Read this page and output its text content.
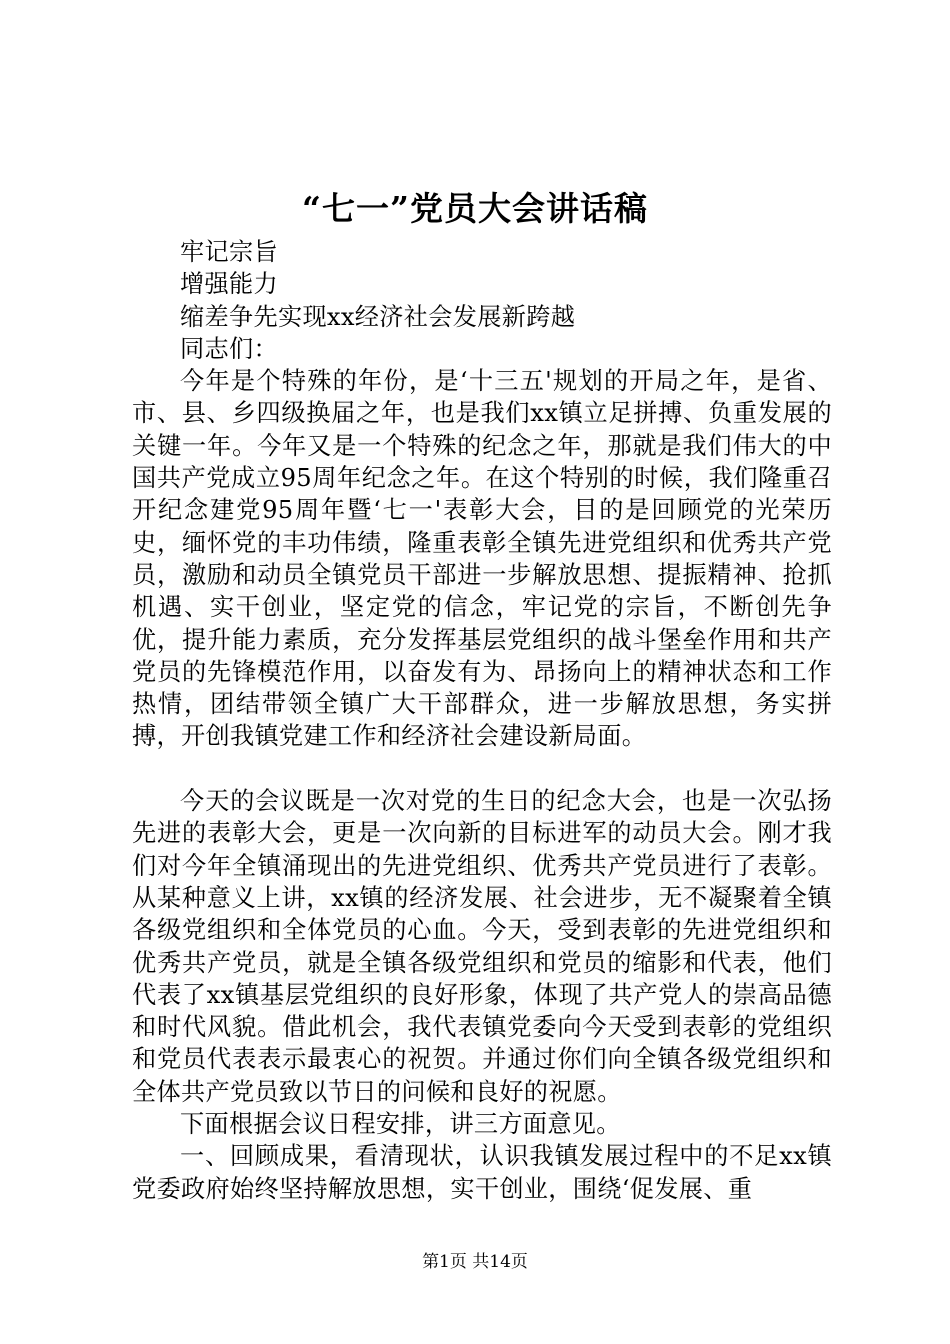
“七一”党员大会讲话稿

牢记宗旨

增强能力

缩差争先实现xx经济社会发展新跨越

同志们：

今年是个特殊的年份，是‘十三五'规划的开局之年，是省、市、县、乡四级换届之年，也是我们xx镇立足拼搏、负重发展的关键一年。今年又是一个特殊的纪念之年，那就是我们伟大的中国共产党成立95周年纪念之年。在这个特别的时候，我们隆重召开纪念建党95周年暨‘七一'表彰大会，目的是回顾党的光荣历史，缅怀党的丰功伟绩，隆重表彰全镇先进党组织和优秀共产党员，激励和动员全镇党员干部进一步解放思想、提振精神、抢抓机遇、实干创业，坚定党的信念，牢记党的宗旨，不断创先争优，提升能力素质，充分发挥基层党组织的战斗堡垒作用和共产党员的先锋模范作用，以奋发有为、昂扬向上的精神状态和工作热情，团结带领全镇广大干部群众，进一步解放思想，务实拼搏，开创我镇党建工作和经济社会建设新局面。

今天的会议既是一次对党的生日的纪念大会，也是一次弘扬先进的表彰大会，更是一次向新的目标进军的动员大会。刚才我们对今年全镇涌现出的先进党组织、优秀共产党员进行了表彰。从某种意义上讲，xx镇的经济发展、社会进步，无不凝聚着全镇各级党组织和全体党员的心血。今天，受到表彰的先进党组织和优秀共产党员，就是全镇各级党组织和党员的缩影和代表，他们代表了xx镇基层党组织的良好形象，体现了共产党人的崇高品德和时代风貌。借此机会，我代表镇党委向今天受到表彰的党组织和党员代表表示最衷心的祝贺。并通过你们向全镇各级党组织和全体共产党员致以节日的问候和良好的祝愿。

下面根据会议日程安排，讲三方面意见。

一、回顾成果，看清现状，认识我镇发展过程中的不足xx镇党委政府始终坚持解放思想，实干创业，围绕‘促发展、重

第1页 共14页
